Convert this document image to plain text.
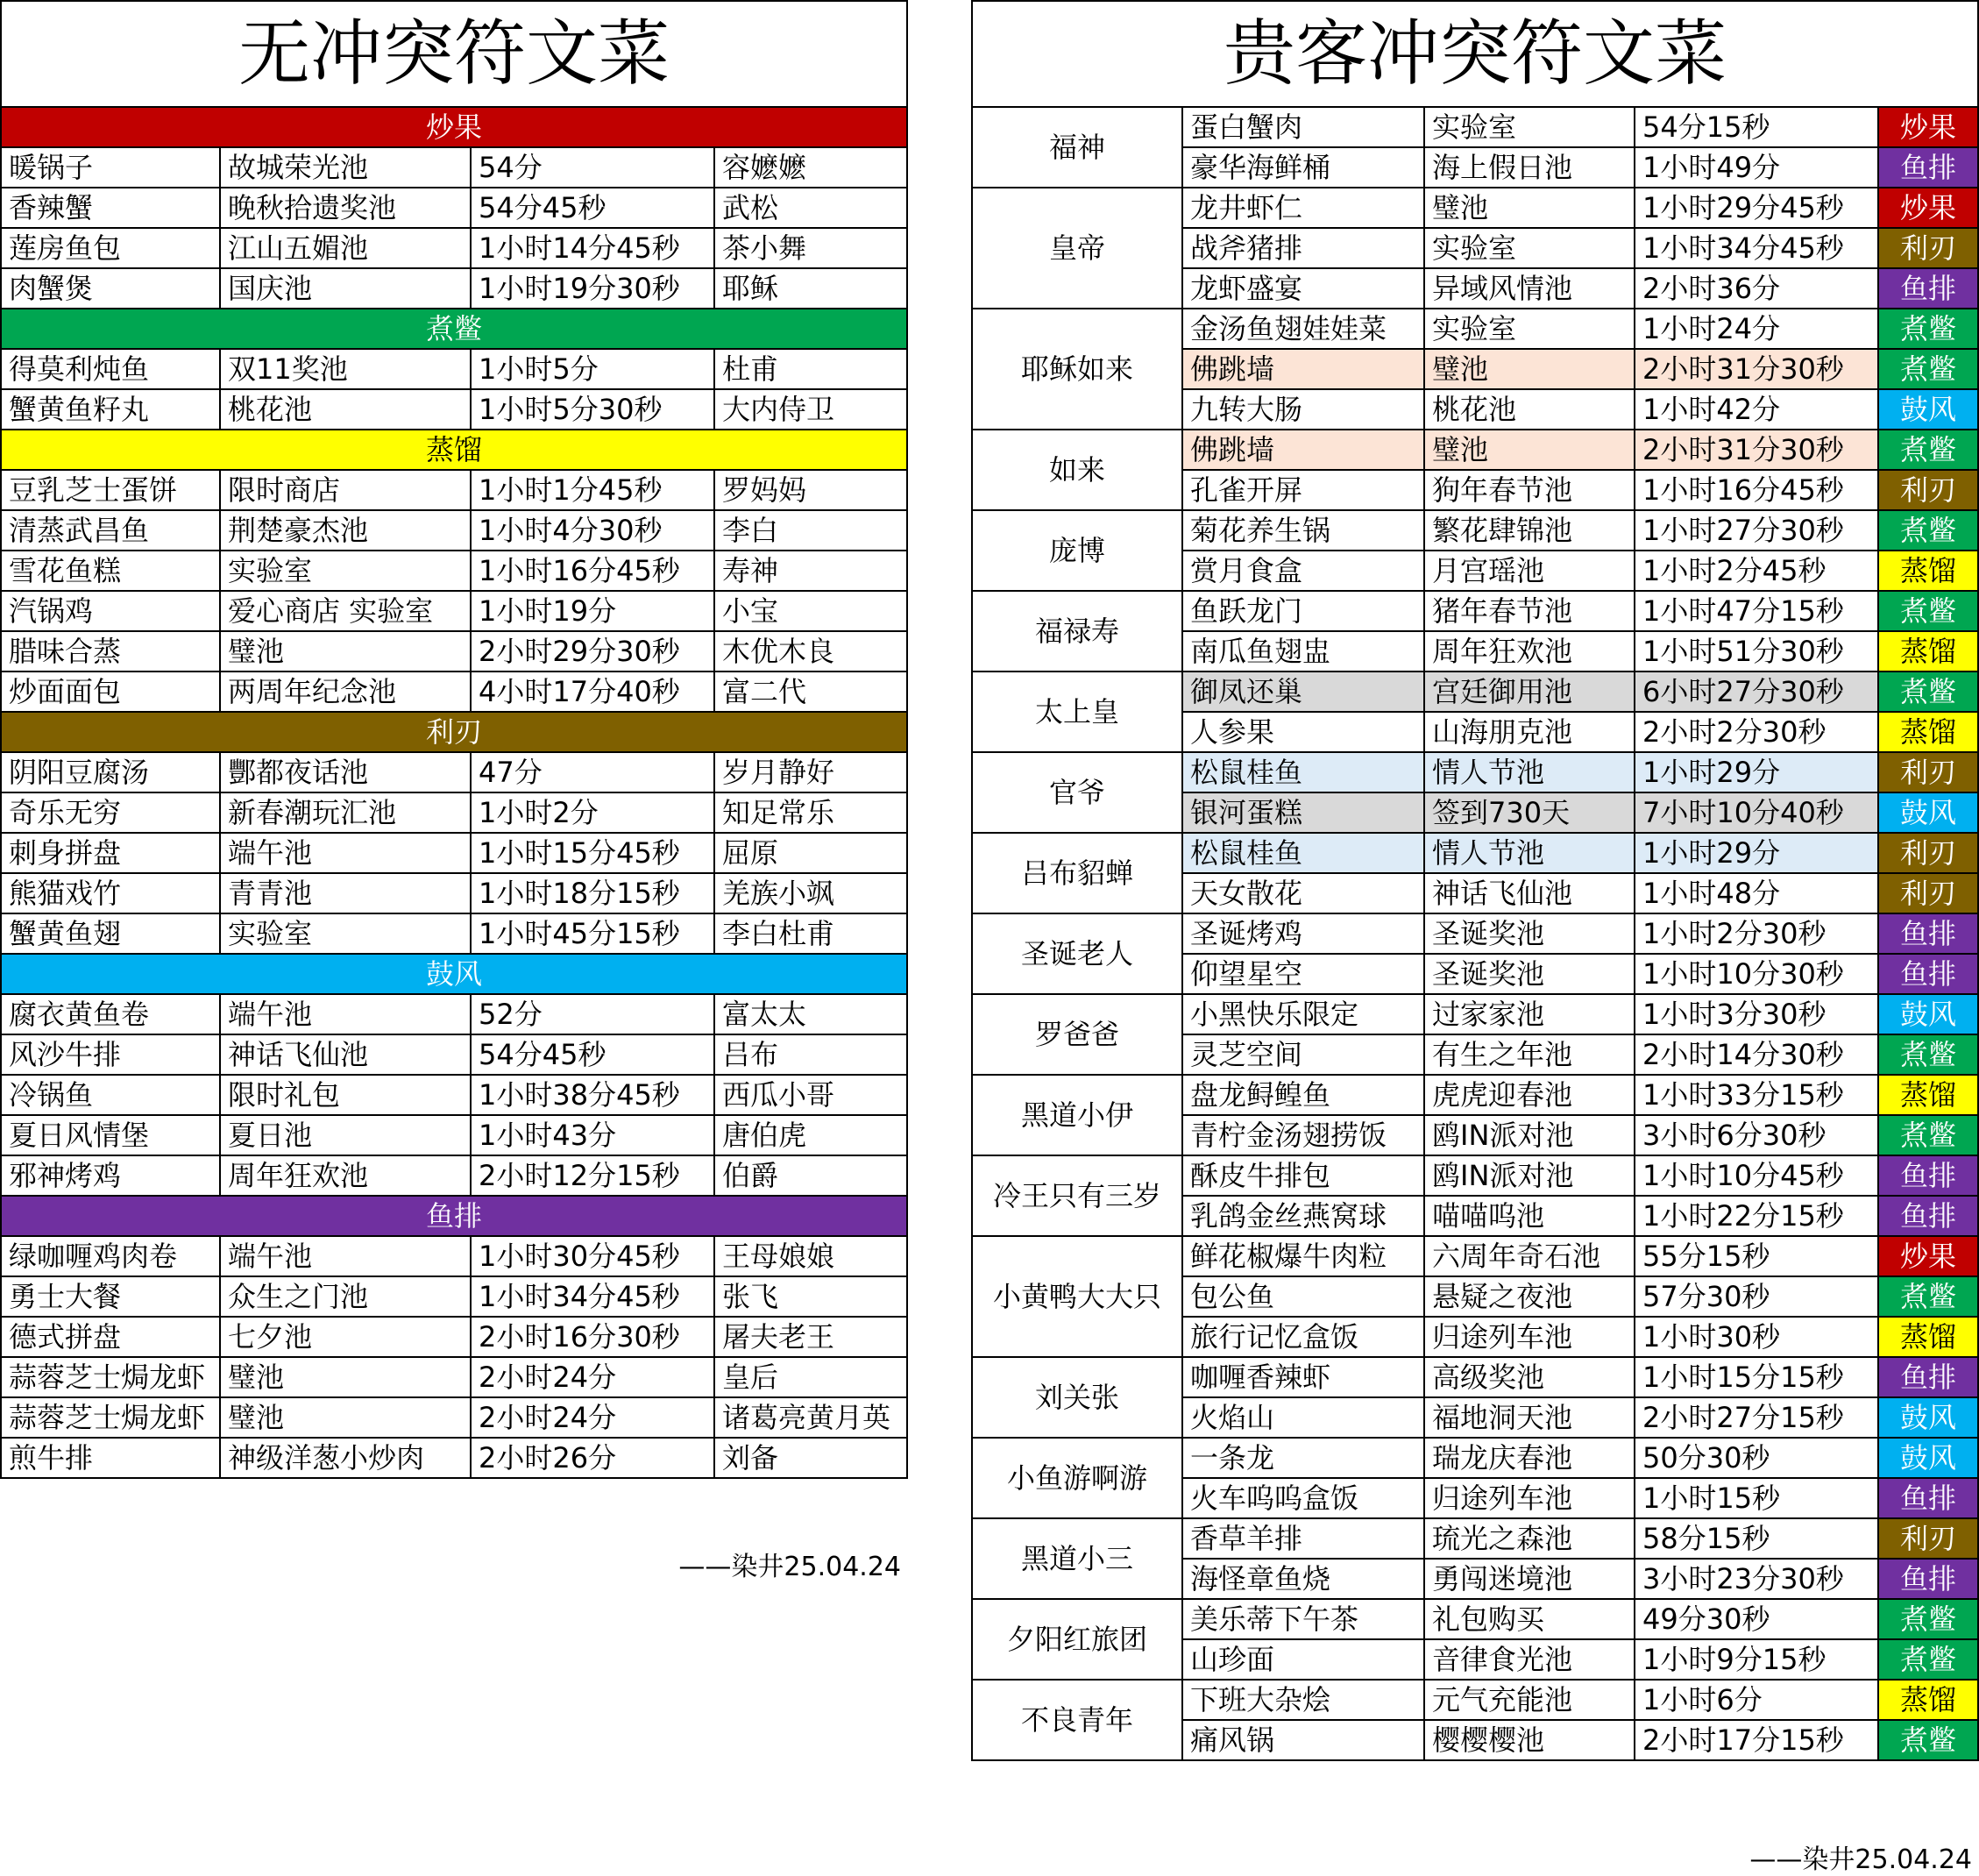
无冲突符文菜			
炒果			
暖锅子	故城荣光池	54分	容嬷嬷
香辣蟹	晚秋拾遗奖池	54分45秒	武松
莲房鱼包	江山五媚池	1小时14分45秒	茶小舞
肉蟹煲	国庆池	1小时19分30秒	耶稣
煮鳖			
得莫利炖鱼	双11奖池	1小时5分	杜甫
蟹黄鱼籽丸	桃花池	1小时5分30秒	大内侍卫
蒸馏			
豆乳芝士蛋饼	限时商店	1小时1分45秒	罗妈妈
清蒸武昌鱼	荆楚豪杰池	1小时4分30秒	李白
雪花鱼糕	实验室	1小时16分45秒	寿神
汽锅鸡	爱心商店 实验室	1小时19分	小宝
腊味合蒸	璧池	2小时29分30秒	木优木良
炒面面包	两周年纪念池	4小时17分40秒	富二代
利刃			
阴阳豆腐汤	酆都夜话池	47分	岁月静好
奇乐无穷	新春潮玩汇池	1小时2分	知足常乐
刺身拼盘	端午池	1小时15分45秒	屈原
熊猫戏竹	青青池	1小时18分15秒	羌族小飒
蟹黄鱼翅	实验室	1小时45分15秒	李白杜甫
鼓风			
腐衣黄鱼卷	端午池	52分	富太太
风沙牛排	神话飞仙池	54分45秒	吕布
冷锅鱼	限时礼包	1小时38分45秒	西瓜小哥
夏日风情堡	夏日池	1小时43分	唐伯虎
邪神烤鸡	周年狂欢池	2小时12分15秒	伯爵
鱼排			
绿咖喱鸡肉卷	端午池	1小时30分45秒	王母娘娘
勇士大餐	众生之门池	1小时34分45秒	张飞
德式拼盘	七夕池	2小时16分30秒	屠夫老王
蒜蓉芝士焗龙虾	璧池	2小时24分	皇后
蒜蓉芝士焗龙虾	璧池	2小时24分	诸葛亮黄月英
煎牛排	神级洋葱小炒肉	2小时26分	刘备
——染井25.04.24
贵客冲突符文菜				
福神	蛋白蟹肉	实验室	54分15秒	炒果
	豪华海鲜桶	海上假日池	1小时49分	鱼排
皇帝	龙井虾仁	璧池	1小时29分45秒	炒果
	战斧猪排	实验室	1小时34分45秒	利刃
	龙虾盛宴	异域风情池	2小时36分	鱼排
耶稣如来	金汤鱼翅娃娃菜	实验室	1小时24分	煮鳖
	佛跳墙	璧池	2小时31分30秒	煮鳖
	九转大肠	桃花池	1小时42分	鼓风
如来	佛跳墙	璧池	2小时31分30秒	煮鳖
	孔雀开屏	狗年春节池	1小时16分45秒	利刃
庞博	菊花养生锅	繁花肆锦池	1小时27分30秒	煮鳖
	赏月食盒	月宫瑶池	1小时2分45秒	蒸馏
福禄寿	鱼跃龙门	猪年春节池	1小时47分15秒	煮鳖
	南瓜鱼翅盅	周年狂欢池	1小时51分30秒	蒸馏
太上皇	御凤还巢	宫廷御用池	6小时27分30秒	煮鳖
	人参果	山海朋克池	2小时2分30秒	蒸馏
官爷	松鼠桂鱼	情人节池	1小时29分	利刃
	银河蛋糕	签到730天	7小时10分40秒	鼓风
吕布貂蝉	松鼠桂鱼	情人节池	1小时29分	利刃
	天女散花	神话飞仙池	1小时48分	利刃
圣诞老人	圣诞烤鸡	圣诞奖池	1小时2分30秒	鱼排
	仰望星空	圣诞奖池	1小时10分30秒	鱼排
罗爸爸	小黑快乐限定	过家家池	1小时3分30秒	鼓风
	灵芝空间	有生之年池	2小时14分30秒	煮鳖
黑道小伊	盘龙鲟鳇鱼	虎虎迎春池	1小时33分15秒	蒸馏
	青柠金汤翅捞饭	鸥IN派对池	3小时6分30秒	煮鳖
冷王只有三岁	酥皮牛排包	鸥IN派对池	1小时10分45秒	鱼排
	乳鸽金丝燕窝球	喵喵呜池	1小时22分15秒	鱼排
小黄鸭大大只	鲜花椒爆牛肉粒	六周年奇石池	55分15秒	炒果
	包公鱼	悬疑之夜池	57分30秒	煮鳖
	旅行记忆盒饭	归途列车池	1小时30秒	蒸馏
刘关张	咖喱香辣虾	高级奖池	1小时15分15秒	鱼排
	火焰山	福地洞天池	2小时27分15秒	鼓风
小鱼游啊游	一条龙	瑞龙庆春池	50分30秒	鼓风
	火车呜呜盒饭	归途列车池	1小时15秒	鱼排
黑道小三	香草羊排	琉光之森池	58分15秒	利刃
	海怪章鱼烧	勇闯迷境池	3小时23分30秒	鱼排
夕阳红旅团	美乐蒂下午茶	礼包购买	49分30秒	煮鳖
	山珍面	音律食光池	1小时9分15秒	煮鳖
不良青年	下班大杂烩	元气充能池	1小时6分	蒸馏
	痛风锅	樱樱樱池	2小时17分15秒	煮鳖
——染井25.04.24
